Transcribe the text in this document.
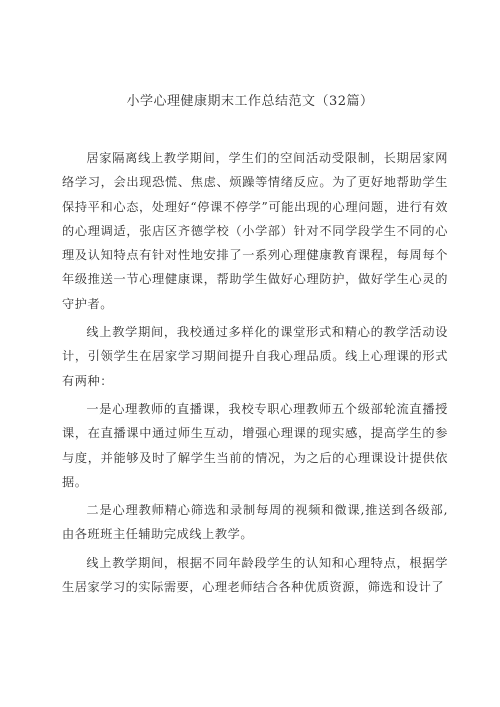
小学心理健康期末工作总结范文（32篇）

居家隔离线上教学期间，学生们的空间活动受限制，长期居家网络学习，会出现恐慌、焦虑、烦躁等情绪反应。为了更好地帮助学生保持平和心态，处理好“停课不停学”可能出现的心理问题，进行有效的心理调适，张店区齐德学校（小学部）针对不同学段学生不同的心理及认知特点有针对性地安排了一系列心理健康教育课程，每周每个年级推送一节心理健康课，帮助学生做好心理防护，做好学生心灵的守护者。

线上教学期间，我校通过多样化的课堂形式和精心的教学活动设计，引领学生在居家学习期间提升自我心理品质。线上心理课的形式有两种：

一是心理教师的直播课，我校专职心理教师五个级部轮流直播授课，在直播课中通过师生互动，增强心理课的现实感，提高学生的参与度，并能够及时了解学生当前的情况，为之后的心理课设计提供依据。

二是心理教师精心筛选和录制每周的视频和微课,推送到各级部,由各班班主任辅助完成线上教学。

线上教学期间，根据不同年龄段学生的认知和心理特点，根据学生居家学习的实际需要，心理老师结合各种优质资源，筛选和设计了
